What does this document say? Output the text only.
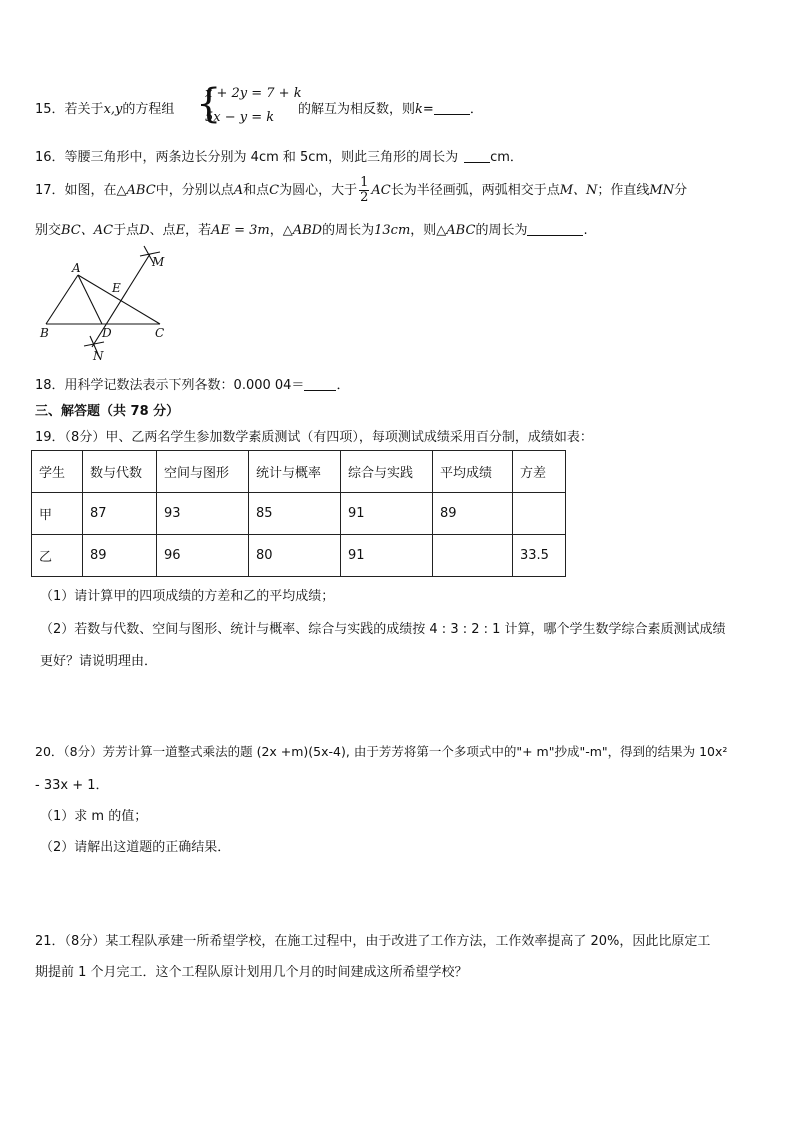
15．若关于x,y的方程组 {
x + 2y = 7 + k
5x − y = k
的解互为相反数，则k=	．
16．等腰三角形中，两条边长分别为 4cm 和 5cm，则此三角形的周长为 cm．
17．如图，在△ABC中，分别以点A和点C为圆心，大于 $\frac{1}{2}$ AC长为半径画弧，两弧相交于点M、N；作直线MN分
别交BC、AC于点D、点E，若AE = 3m，△ABD的周长为13cm，则△ABC的周长为	.
A
B	C
D
E
M
N
18．用科学记数法表示下列各数：0.000 04＝ ．
三、解答题（共 78 分）
19．（8分）甲、乙两名学生参加数学素质测试（有四项），每项测试成绩采用百分制，成绩如表：
学生	数与代数	空间与图形	统计与概率	综合与实践	平均成绩	方差
甲	87	93	85	91	89	
乙	89	96	80	91		33.5
（1）请计算甲的四项成绩的方差和乙的平均成绩；
（2）若数与代数、空间与图形、统计与概率、综合与实践的成绩按 4 : 3 : 2 : 1 计算，哪个学生数学综合素质测试成绩
更好？请说明理由．
20．（8分）芳芳计算一道整式乘法的题 (2x +m)(5x-4), 由于芳芳将第一个多项式中的"+ m"抄成"-m"，得到的结果为 10x²
- 33x + 1．
（1）求 m 的值；
（2）请解出这道题的正确结果．
21．（8分）某工程队承建一所希望学校，在施工过程中，由于改进了工作方法，工作效率提高了 20%，因此比原定工
期提前 1 个月完工．这个工程队原计划用几个月的时间建成这所希望学校？
